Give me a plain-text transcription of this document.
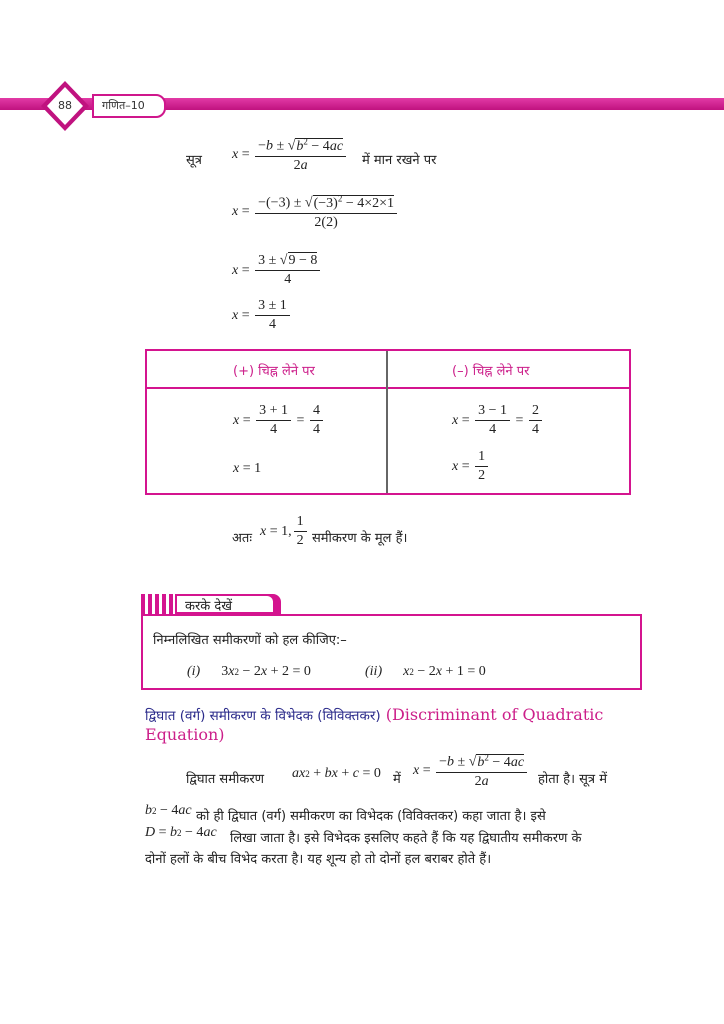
गणित–10
88
सूत्र $x = \frac{-b \pm √b^2 - 4ac}{2a}$ में मान रखने पर
$x = \frac{-(-3) \pm √(-3)^2 - 4\times 2\times 1}{2(2)}$
$x = \frac{3 \pm √9 - 8}{4}$
$x = \frac{3 \pm 1}{4}$
(+) चिह्न लेने पर	(–) चिह्न लेने पर
$x = \frac{3 + 1}{4} = \frac{4}{4}$
x = 1
$x = \frac{3 - 1}{4} = \frac{2}{4}$
$x = \frac{1}{2}$
अतः x = 1, $\frac{1}{2}$ समीकरण के मूल हैं।
करके देखें
निम्नलिखित समीकरणों को हल कीजिए:–
(i) 3 x 2 − 2 x + 2 = 0	(ii)
x 2 − 2 x + 1 = 0
द्विघात (वर्ग) समीकरण के विभेदक (विविक्तकर) (Discriminant of Quadratic
Equation)
द्विघात समीकरण ax 2 + bx + c = 0 में
$x = \frac{-b \pm √b^2 - 4ac}{2a}$ होता है। सूत्र में
b 2 − 4 ac को ही द्विघात (वर्ग) समीकरण का विभेदक (विविक्तकर) कहा जाता है। इसे
D = b 2 − 4 ac लिखा जाता है। इसे विभेदक इसलिए कहते हैं कि यह द्विघातीय समीकरण के
दोनों हलों के बीच विभेद करता है। यह शून्य हो तो दोनों हल बराबर होते हैं।
